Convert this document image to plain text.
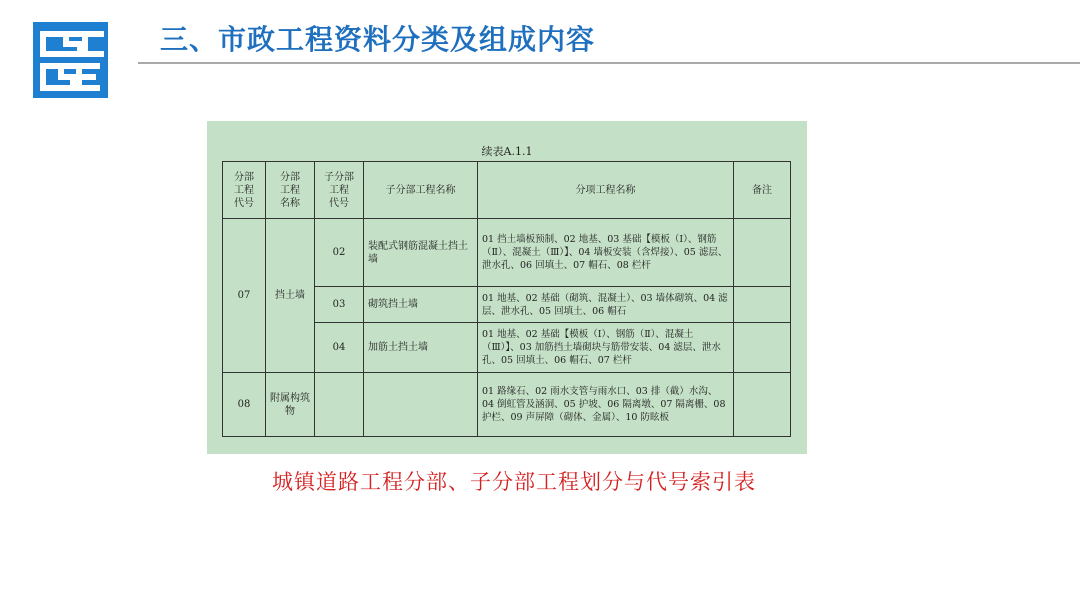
三、市政工程资料分类及组成内容
续表A.1.1
分部
工程
代号	分部
工程
名称	子分部
工程
代号	子分部工程名称	分项工程名称	备注
07	挡土墙	02	装配式钢筋混凝土挡土墙	01 挡土墙板预制、02 地基、03 基础【模板（Ⅰ）、钢筋（Ⅱ）、混凝土（Ⅲ）】、04 墙板安装（含焊接）、05 滤层、泄水孔、06 回填土、07 帽石、08 栏杆	
		03	砌筑挡土墙	01 地基、02 基础（砌筑、混凝土）、03 墙体砌筑、04 滤层、泄水孔、05 回填土、06 帽石	
		04	加筋土挡土墙	01 地基、02 基础【模板（Ⅰ）、钢筋（Ⅱ）、混凝土（Ⅲ）】、03 加筋挡土墙砌块与筋带安装、04 滤层、泄水孔、05 回填土、06 帽石、07 栏杆	
08	附属构筑物			01 路缘石、02 雨水支管与雨水口、03 排（截）水沟、04 倒虹管及涵洞、05 护坡、06 隔离墩、07 隔离栅、08 护栏、09 声屏障（砌体、金属）、10 防眩板	
城镇道路工程分部、子分部工程划分与代号索引表
